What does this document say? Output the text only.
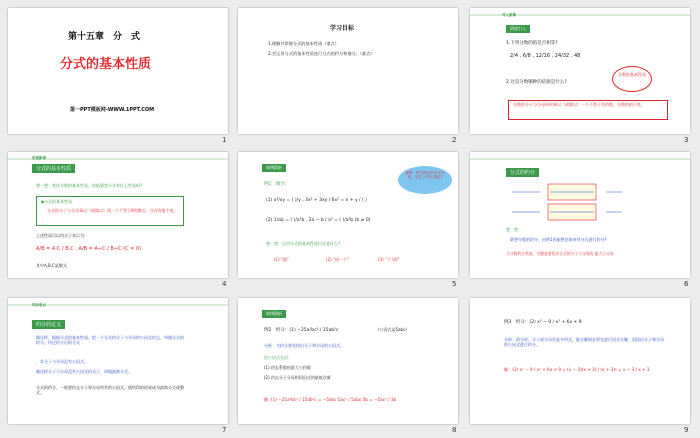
第十五章　分　式
分式的基本性质
第一PPT模板网-WWW.1PPT.COM
1
学习目标
1.理解并掌握分式的基本性质（重点）
2.会运用分式的基本性质进行分式的约分和通分。（难点）
2
导入新课
情境引入
1.下列分数的值是否相等?
2/4 , 6/8 , 12/16 , 24/32 , 48
2.这是分数哪种的依据是什么?
分数的基本性质
分数的分子与分母同时乘以（或除以）一个不等于零的数，分数的值不变。
3
讲授新课
分式的基本性质
想一想：类比分数的基本性质，你能猜想分式有什么性质吗?
◆分式的基本性质：
分式的分子与分母乘以（或除以）同一个不等于0的整式，分式的值不变。
上述性质可以用式子表示为：
A/B = A·C / B·C , A/B = A÷C / B÷C (C ≠ 0)
其中A,B,C是整式.
4
典例精析
例1　填空:
观察：等号两边的分子分母，发生了什么变化?
(1) x³/xy = ( )/y , 3x² + 3xy / 6x² = x + y / ( )
(2) 1/ab = ( )/a²b , 2a − b / a² = ( )/a²b (b ≠ 0)
想一想：运用分式的基本性质应注意什么?
(1) “都”	(2) “同一个”	(3) “不为0”
5
分式的约分
想一想：
联想分数的约分，由例1你能想出如何对分式进行约分?
与分数约分类似，关键是要找出分式的分子与分母的 最大公分母
6
知识要点
约分的定义
像这样，根据分式的基本性质，把一个分式的分子与分母的公因式约去，叫做分式的约分。经过约分后的分式
，其分子与分母没有公因式。
像这样分子与分母没有公因式的式子，叫做最简分式。
分式的约分，一般要约去分子和分母所有的公因式，使所得的结果成为最简分式或整式。
7
典例精析
例2　约分：(1) −25a²bc³ / 15ab²c	(公因式是5abc)
分析：为约分要先找出分子和分母的公因式。
找公因式方法：
(1) 约去系数的最大公约数
(2) 约去分子分母相同因式的最低次幂
解: (1) −25a²bc³ / 15ab²c = −5abc·5ac² / 5abc·3b = −5ac² / 3b
8
例3　约分：(2) x² − 9 / x² + 6x + 9
分析：约分时，分子或分母若是多项式，能分解则必须先进行因式分解，再找出分子和分母的公因式进行约分。
解：(2) x² − 9 / x² + 6x + 9 = (x − 3)(x + 3) / (x + 3)² = x − 3 / x + 3
9
